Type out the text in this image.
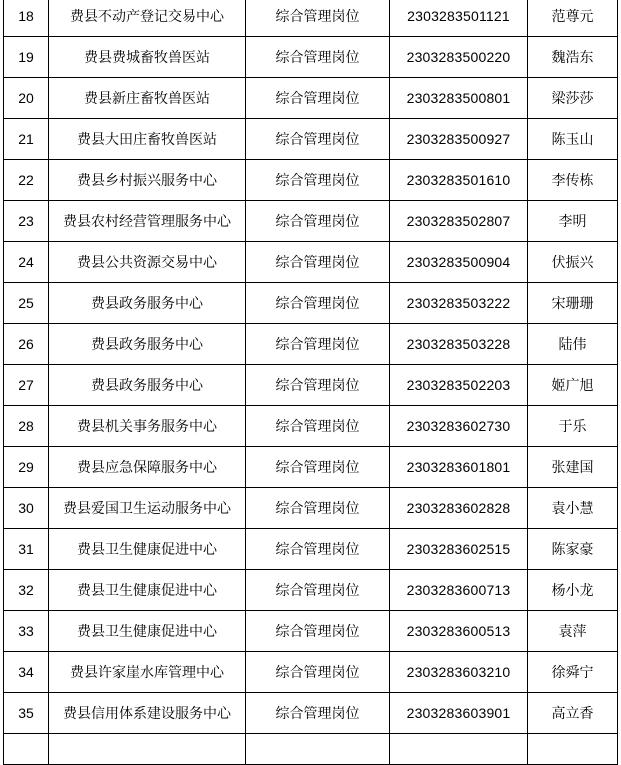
18	费县不动产登记交易中心	综合管理岗位	2303283501121	范尊元
19	费县费城畜牧兽医站	综合管理岗位	2303283500220	魏浩东
20	费县新庄畜牧兽医站	综合管理岗位	2303283500801	梁莎莎
21	费县大田庄畜牧兽医站	综合管理岗位	2303283500927	陈玉山
22	费县乡村振兴服务中心	综合管理岗位	2303283501610	李传栋
23	费县农村经营管理服务中心	综合管理岗位	2303283502807	李明
24	费县公共资源交易中心	综合管理岗位	2303283500904	伏振兴
25	费县政务服务中心	综合管理岗位	2303283503222	宋珊珊
26	费县政务服务中心	综合管理岗位	2303283503228	陆伟
27	费县政务服务中心	综合管理岗位	2303283502203	姬广旭
28	费县机关事务服务中心	综合管理岗位	2303283602730	于乐
29	费县应急保障服务中心	综合管理岗位	2303283601801	张建国
30	费县爱国卫生运动服务中心	综合管理岗位	2303283602828	袁小慧
31	费县卫生健康促进中心	综合管理岗位	2303283602515	陈家豪
32	费县卫生健康促进中心	综合管理岗位	2303283600713	杨小龙
33	费县卫生健康促进中心	综合管理岗位	2303283600513	袁萍
34	费县许家崖水库管理中心	综合管理岗位	2303283603210	徐舜宁
35	费县信用体系建设服务中心	综合管理岗位	2303283603901	高立香
